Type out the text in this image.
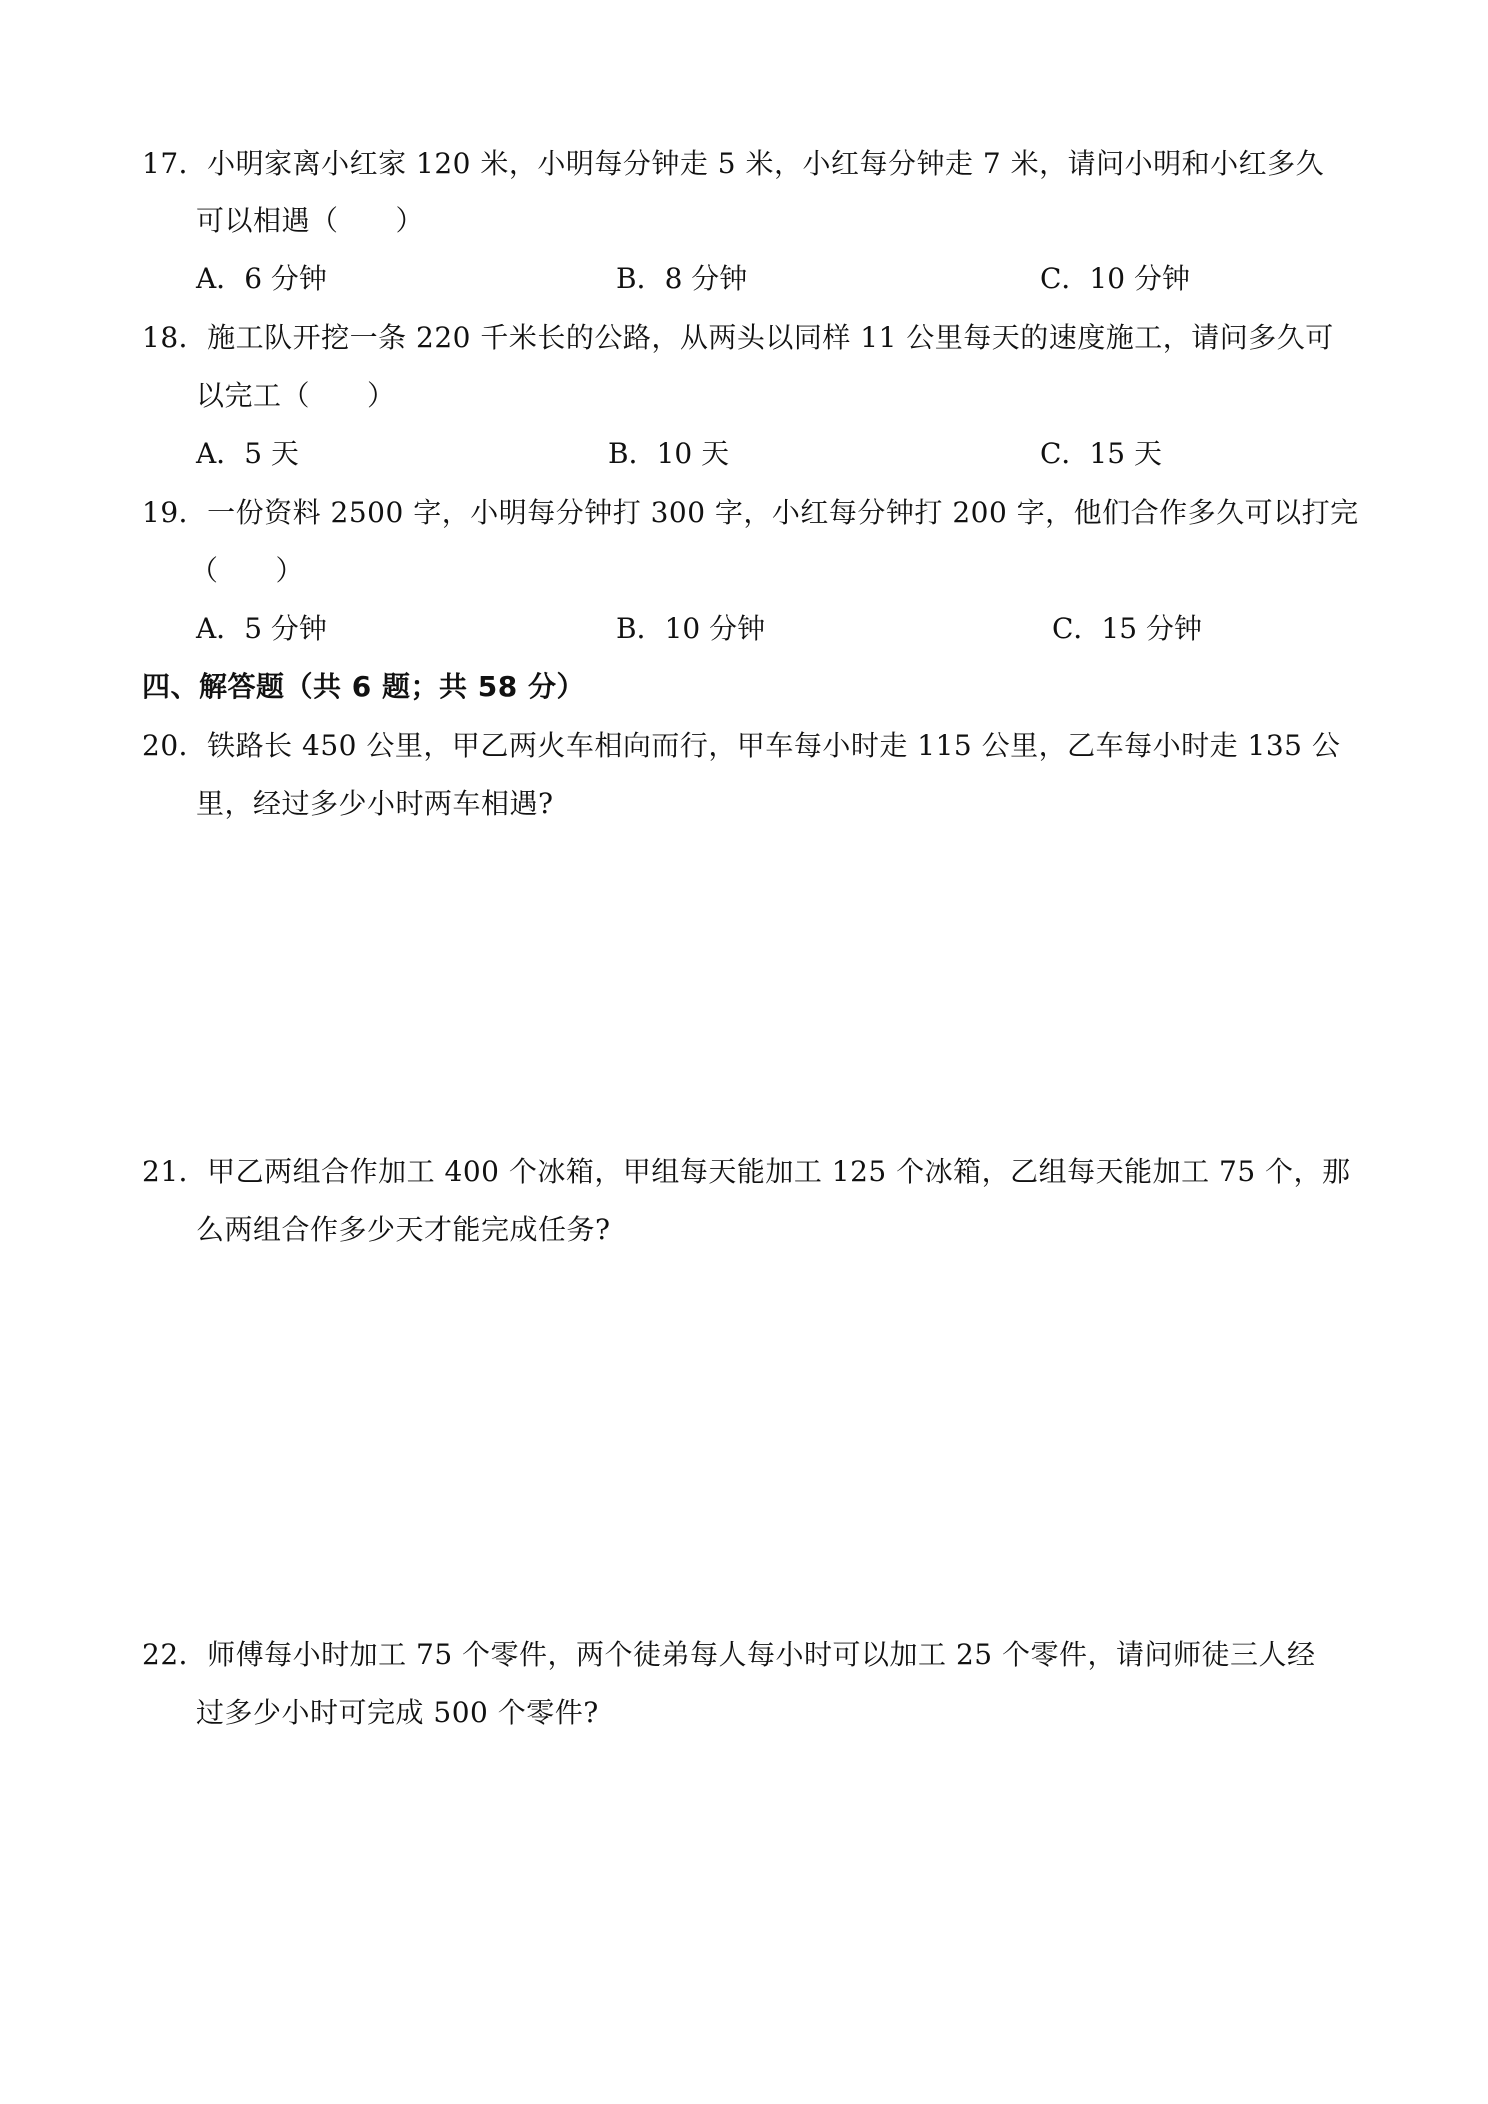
17．小明家离小红家 120 米，小明每分钟走 5 米，小红每分钟走 7 米，请问小明和小红多久
可以相遇（　　）
A．6 分钟	B．8 分钟	C．10 分钟
18．施工队开挖一条 220 千米长的公路，从两头以同样 11 公里每天的速度施工，请问多久可
以完工（　　）
A．5 天	B．10 天	C．15 天
19．一份资料 2500 字，小明每分钟打 300 字，小红每分钟打 200 字，他们合作多久可以打完
（　　）
A．5 分钟	B．10 分钟	C．15 分钟
四、解答题（共 6 题；共 58 分）
20．铁路长 450 公里，甲乙两火车相向而行，甲车每小时走 115 公里，乙车每小时走 135 公
里，经过多少小时两车相遇?
21．甲乙两组合作加工 400 个冰箱，甲组每天能加工 125 个冰箱，乙组每天能加工 75 个，那
么两组合作多少天才能完成任务?
22．师傅每小时加工 75 个零件，两个徒弟每人每小时可以加工 25 个零件，请问师徒三人经
过多少小时可完成 500 个零件?
